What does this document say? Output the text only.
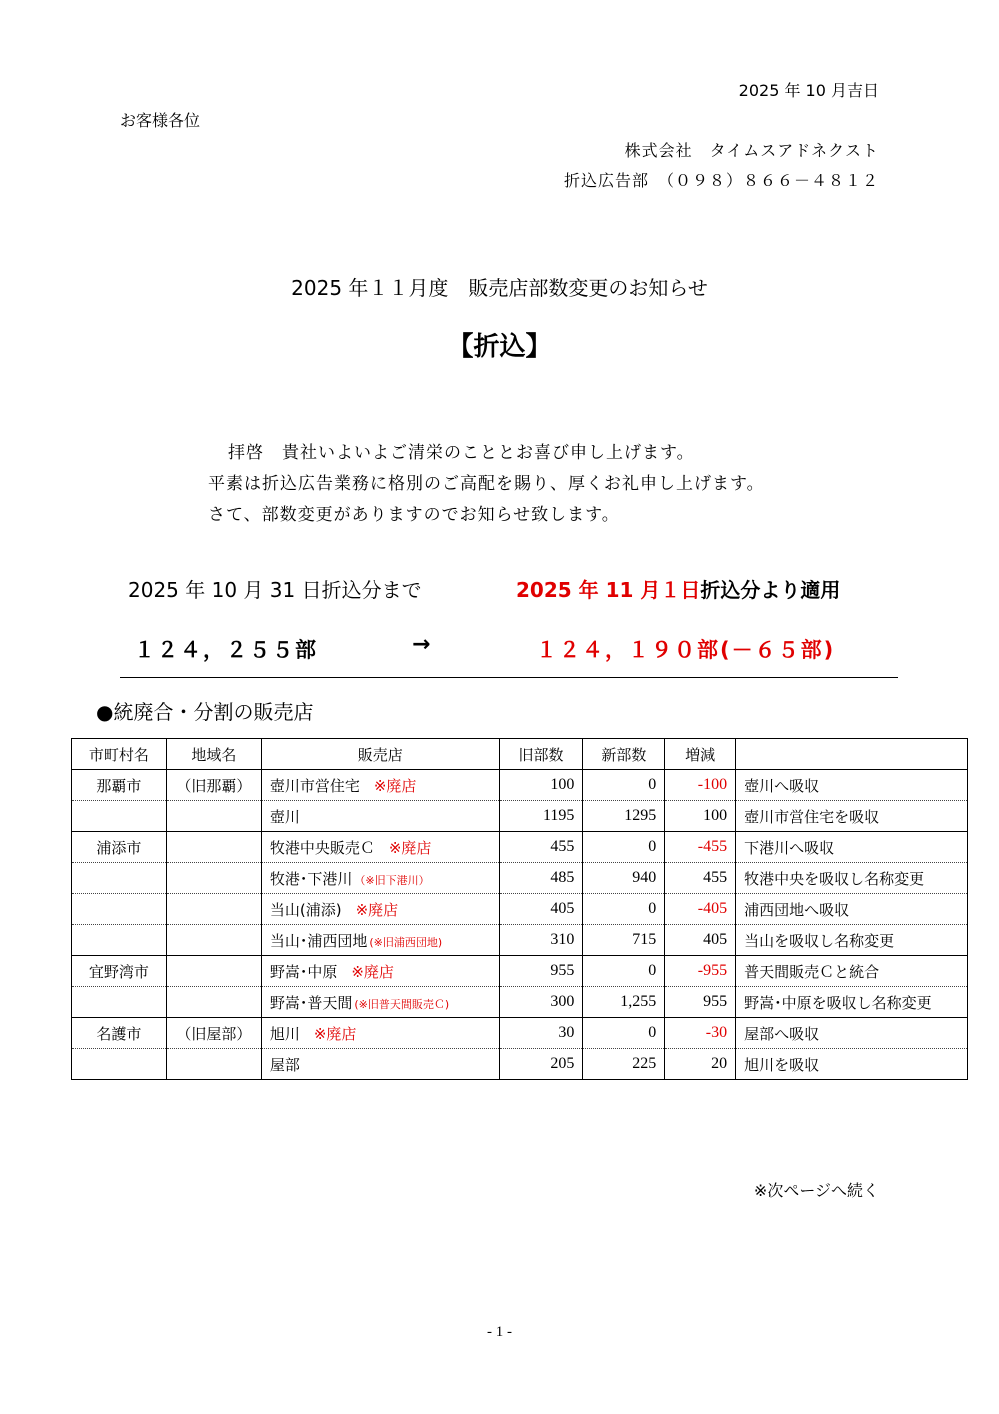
2025 年 10 月吉日
お客様各位
株式会社　タイムスアドネクスト
折込広告部　（０９８）８６６－４８１２
2025 年１１月度　販売店部数変更のお知らせ
【折込】
拝啓　貴社いよいよご清栄のこととお喜び申し上げます。
平素は折込広告業務に格別のご高配を賜り、厚くお礼申し上げます。
さて、部数変更がありますのでお知らせ致します。
2025 年 10 月 31 日折込分まで	2025 年 11 月１日折込分より適用
１２４，２５５部	→	１２４，１９０部(－６５部)
●統廃合・分割の販売店
市町村名	地域名	販売店	旧部数	新部数	増減	
那覇市	（旧那覇）	壺川市営住宅 ※廃店	100	0	-100	壺川へ吸収
		壺川	1195	1295	100	壺川市営住宅を吸収
浦添市		牧港中央販売Ｃ ※廃店	455	0	-455	下港川へ吸収
		牧港･下港川 （※旧下港川）	485	940	455	牧港中央を吸収し名称変更
		当山(浦添) ※廃店	405	0	-405	浦西団地へ吸収
		当山･浦西団地 (※旧浦西団地)	310	715	405	当山を吸収し名称変更
宜野湾市		野嵩･中原 ※廃店	955	0	-955	普天間販売Ｃと統合
		野嵩･普天間 (※旧普天間販売Ｃ)	300	1,255	955	野嵩･中原を吸収し名称変更
名護市	（旧屋部）	旭川 ※廃店	30	0	-30	屋部へ吸収
		屋部	205	225	20	旭川を吸収
※次ページへ続く
- 1 -
